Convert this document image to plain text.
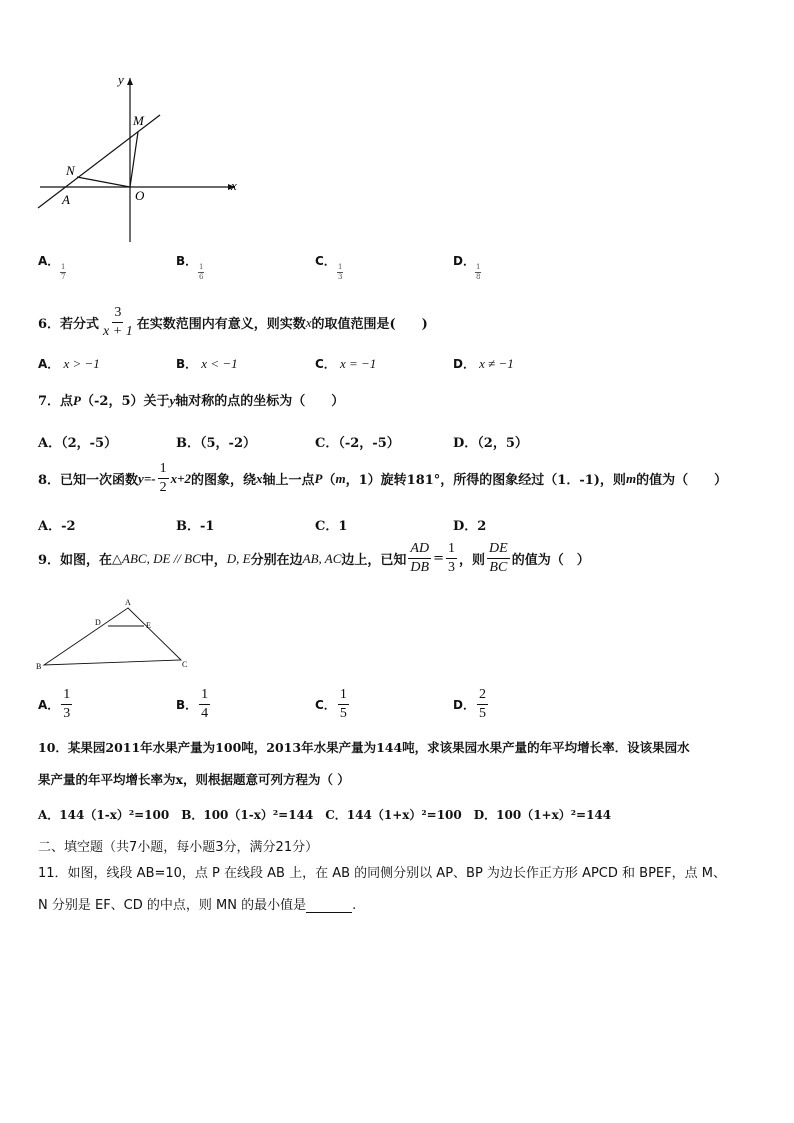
y
x
M
N
A	O
A．
$\frac{1}{7}$
B．
$\frac{1}{6}$
C．
$\frac{1}{3}$
D．
$\frac{1}{8}$
6．若分式 $\frac{3}{x + 1}$ 在实数范围内有意义，则实数 x 的取值范围是(　　)
A． x > −1	B． x < −1	C． x = −1	D． x ≠ −1
7．点P（-2，5）关于y轴对称的点的坐标为（　　）
A．（2，-5）	B．（5，-2）	C．（-2，-5）	D．（2，5）
8．已知一次函数 $y=- \frac{1}{2} x+2$ 的图象，绕 x 轴上一点 P （ m ，1）旋转181°，所得的图象经过（1．-1)，则 m 的值为（　　）
A．-2	B．-1	C．1	D．2
9．如图，在 △ABC, DE // BC 中， D, E 分别在边 AB, AC 边上，已知 $\frac{AD}{DB} = \frac{1}{3}$ ，则 $\frac{DE}{BC}$ 的值为（　）
A
D	E
B	C
A． $\frac{1}{3}$	B． $\frac{1}{4}$	C． $\frac{1}{5}$	D． $\frac{2}{5}$
10．某果园2011年水果产量为100吨，2013年水果产量为144吨，求该果园水果产量的年平均增长率．设该果园水
果产量的年平均增长率为x，则根据题意可列方程为（ ）
A．144（1-x）²=100　B．100（1-x）²=144　C．144（1+x）²=100　D．100（1+x）²=144
二、填空题（共7小题，每小题3分，满分21分）
11．如图，线段 AB=10，点 P 在线段 AB 上，在 AB 的同侧分别以 AP、BP 为边长作正方形 APCD 和 BPEF，点 M、
N 分别是 EF、CD 的中点，则 MN 的最小值是	.
